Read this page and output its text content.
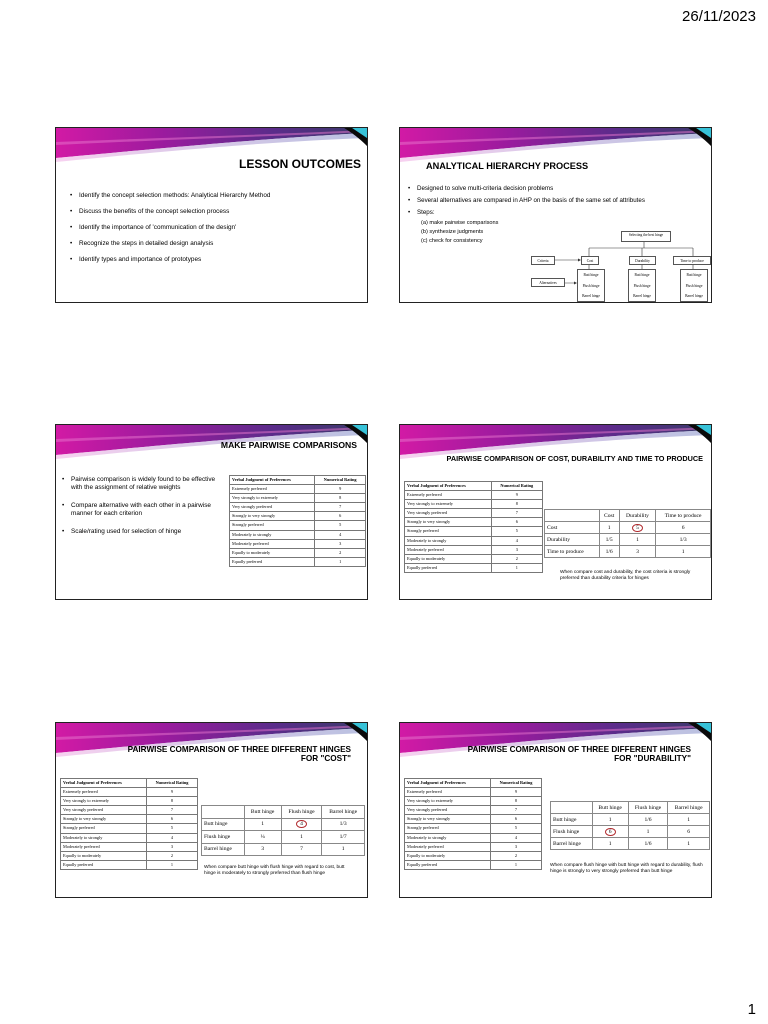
26/11/2023
LESSON OUTCOMES
• Identify the concept selection methods: Analytical Hierarchy Method
• Discuss the benefits of the concept selection process
• Identify the importance of 'communication of the design'
• Recognize the steps in detailed design analysis
• Identify types and importance of prototypes
ANALYTICAL HIERARCHY PROCESS
• Designed to solve multi-criteria decision problems
• Several alternatives are compared in AHP on the basis of the same set of attributes
• Steps:
(a) make pairwise comparisons
(b) synthesize judgments
(c) check for consistency
Selecting the best hinge
Criteria
Alternatives
Cost	Durability	Time to produce
Butt hinge
Flush hinge
Barrel hinge
Butt hinge
Flush hinge
Barrel hinge
Butt hinge
Flush hinge
Barrel hinge
MAKE PAIRWISE COMPARISONS
• Pairwise comparison is widely found to be effective with the assignment of relative weights
• Compare alternative with each other in a pairwise manner for each criterion
• Scale/rating used for selection of hinge
Verbal Judgment of Preferences	Numerical Rating
Extremely preferred	9
Very strongly to extremely	8
Very strongly preferred	7
Strongly to very strongly	6
Strongly preferred	5
Moderately to strongly	4
Moderately preferred	3
Equally to moderately	2
Equally preferred	1
PAIRWISE COMPARISON OF COST, DURABILITY AND TIME TO PRODUCE
Verbal Judgment of Preferences	Numerical Rating
Extremely preferred	9
Very strongly to extremely	8
Very strongly preferred	7
Strongly to very strongly	6
Strongly preferred	5
Moderately to strongly	4
Moderately preferred	3
Equally to moderately	2
Equally preferred	1
	Cost	Durability	Time to produce
Cost	1	5	6
Durability	1/5	1	1/3
Time to produce	1/6	3	1
When compare cost and durability, the cost criteria is strongly preferred than durability criteria for hinges
PAIRWISE COMPARISON OF THREE DIFFERENT HINGES FOR "COST"
Verbal Judgment of Preferences	Numerical Rating
Extremely preferred	9
Very strongly to extremely	8
Very strongly preferred	7
Strongly to very strongly	6
Strongly preferred	5
Moderately to strongly	4
Moderately preferred	3
Equally to moderately	2
Equally preferred	1
	Butt hinge	Flush hinge	Barrel hinge
Butt hinge	1	4	1/3
Flush hinge	¼	1	1/7
Barrel hinge	3	7	1
When compare butt hinge with flush hinge with regard to cost, butt hinge is moderately to strongly preferred than flush hinge
PAIRWISE COMPARISON OF THREE DIFFERENT HINGES FOR "DURABILITY"
Verbal Judgment of Preferences	Numerical Rating
Extremely preferred	9
Very strongly to extremely	8
Very strongly preferred	7
Strongly to very strongly	6
Strongly preferred	5
Moderately to strongly	4
Moderately preferred	3
Equally to moderately	2
Equally preferred	1
	Butt hinge	Flush hinge	Barrel hinge
Butt hinge	1	1/6	1
Flush hinge	6	1	6
Barrel hinge	1	1/6	1
When compare flush hinge with butt hinge with regard to durability, flush hinge is strongly to very strongly preferred than butt hinge
1
